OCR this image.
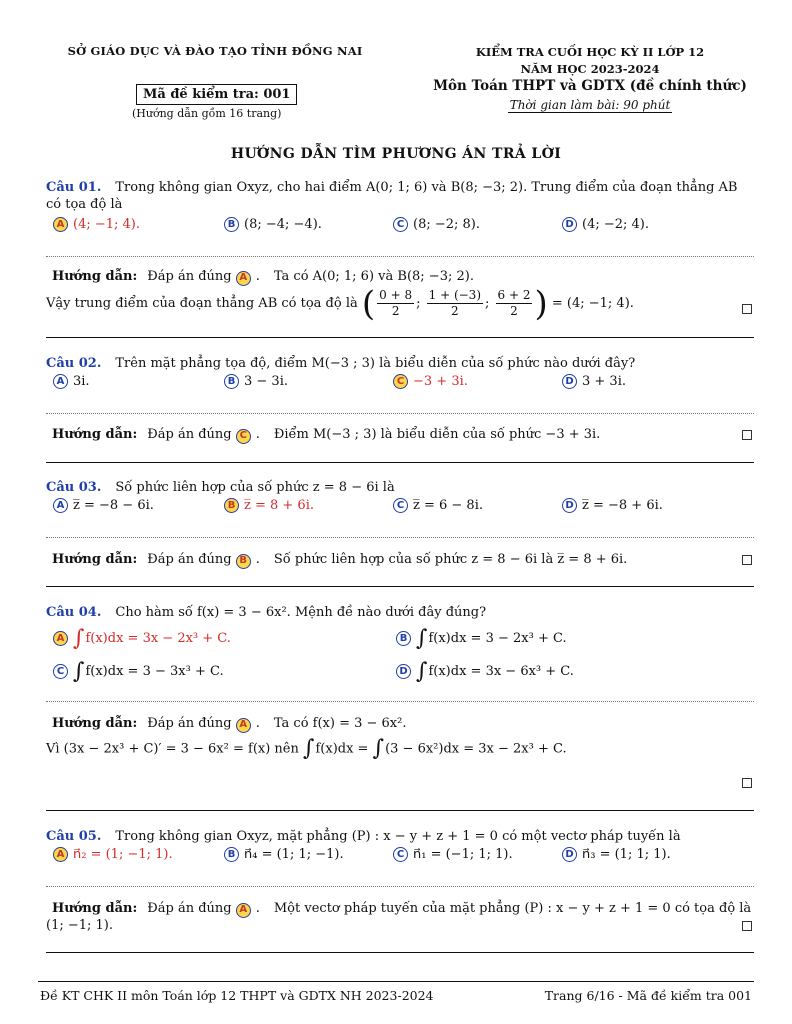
SỞ GIÁO DỤC VÀ ĐÀO TẠO TỈNH ĐỒNG NAI
Mã đề kiểm tra: 001
(Hướng dẫn gồm 16 trang)
KIỂM TRA CUỐI HỌC KỲ II LỚP 12
NĂM HỌC 2023-2024
Môn Toán THPT và GDTX (đề chính thức)
Thời gian làm bài: 90 phút
HƯỚNG DẪN TÌM PHƯƠNG ÁN TRẢ LỜI
Câu 01. Trong không gian Oxyz, cho hai điểm A(0; 1; 6) và B(8; −3; 2). Trung điểm của đoạn thẳng AB có tọa độ là
A (4; −1; 4).	B (8; −4; −4).	C (8; −2; 8).	D (4; −2; 4).
Hướng dẫn: Đáp án đúng A . Ta có A(0; 1; 6) và B(8; −3; 2).
Vậy trung điểm của đoạn thẳng AB có tọa độ là
( $\frac{0 + 8}{2}$ ; $\frac{1 + (-3)}{2}$ ; $\frac{6 + 2}{2}$ )
= (4; −1; 4).
Câu 02. Trên mặt phẳng tọa độ, điểm M(−3 ; 3) là biểu diễn của số phức nào dưới đây?
A 3i.	B 3 − 3i.	C −3 + 3i.	D 3 + 3i.
Hướng dẫn: Đáp án đúng C . Điểm M(−3 ; 3) là biểu diễn của số phức −3 + 3i.
Câu 03. Số phức liên hợp của số phức z = 8 − 6i là
A z̅ = −8 − 6i.	B z̅ = 8 + 6i.	C z̅ = 6 − 8i.	D z̅ = −8 + 6i.
Hướng dẫn: Đáp án đúng B . Số phức liên hợp của số phức z = 8 − 6i là z̅ = 8 + 6i.
Câu 04. Cho hàm số f(x) = 3 − 6x². Mệnh đề nào dưới đây đúng?
A ∫ f(x)dx = 3x − 2x³ + C.	B ∫ f(x)dx = 3 − 2x³ + C.
C ∫ f(x)dx = 3 − 3x³ + C.	D ∫ f(x)dx = 3x − 6x³ + C.
Hướng dẫn: Đáp án đúng A . Ta có f(x) = 3 − 6x².
Vì (3x − 2x³ + C)′ = 3 − 6x² = f(x) nên ∫f(x)dx = ∫(3 − 6x²)dx = 3x − 2x³ + C.
Câu 05. Trong không gian Oxyz, mặt phẳng (P) : x − y + z + 1 = 0 có một vectơ pháp tuyến là
A n⃗₂ = (1; −1; 1).	B n⃗₄ = (1; 1; −1).	C n⃗₁ = (−1; 1; 1).	D n⃗₃ = (1; 1; 1).
Hướng dẫn: Đáp án đúng A . Một vectơ pháp tuyến của mặt phẳng (P) : x − y + z + 1 = 0 có tọa độ là
(1; −1; 1).
Đề KT CHK II môn Toán lớp 12 THPT và GDTX NH 2023-2024	Trang 6/16 - Mã đề kiểm tra 001
